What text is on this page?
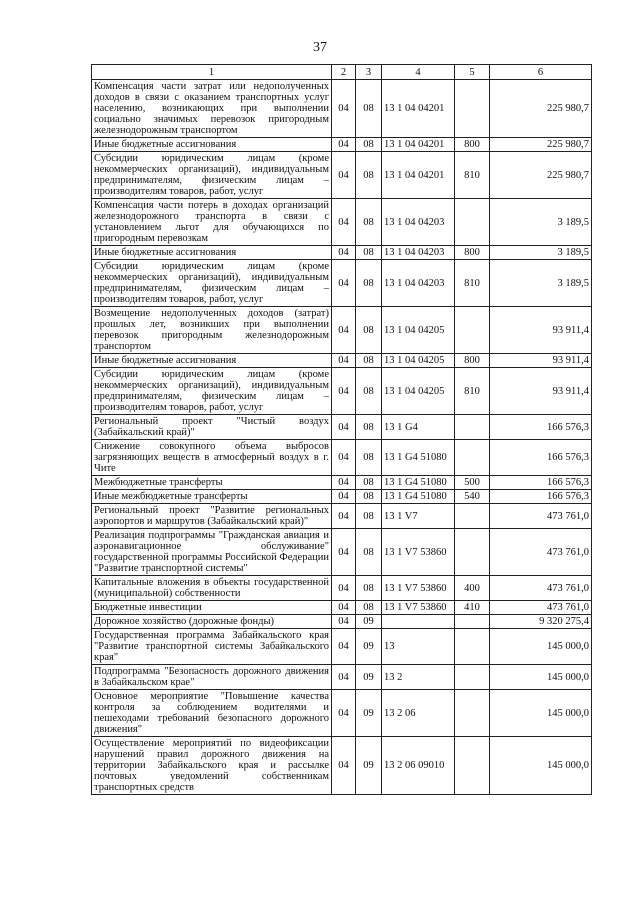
37
1	2	3	4	5	6
Компенсация части затрат или недополученных доходов в связи с оказанием транспортных услуг населению, возникающих при выполнении социально значимых перевозок пригородным железнодорожным транспортом	04	08	13 1 04 04201		225 980,7
Иные бюджетные ассигнования	04	08	13 1 04 04201	800	225 980,7
Субсидии юридическим лицам (кроме некоммерческих организаций), индивидуальным предпринимателям, физическим лицам – производителям товаров, работ, услуг	04	08	13 1 04 04201	810	225 980,7
Компенсация части потерь в доходах организаций железнодорожного транспорта в связи с установлением льгот для обучающихся по пригородным перевозкам	04	08	13 1 04 04203		3 189,5
Иные бюджетные ассигнования	04	08	13 1 04 04203	800	3 189,5
Субсидии юридическим лицам (кроме некоммерческих организаций), индивидуальным предпринимателям, физическим лицам – производителям товаров, работ, услуг	04	08	13 1 04 04203	810	3 189,5
Возмещение недополученных доходов (затрат) прошлых лет, возникших при выполнении перевозок пригородным железнодорожным транспортом	04	08	13 1 04 04205		93 911,4
Иные бюджетные ассигнования	04	08	13 1 04 04205	800	93 911,4
Субсидии юридическим лицам (кроме некоммерческих организаций), индивидуальным предпринимателям, физическим лицам – производителям товаров, работ, услуг	04	08	13 1 04 04205	810	93 911,4
Региональный проект "Чистый воздух (Забайкальский край)"	04	08	13 1 G4		166 576,3
Снижение совокупного объема выбросов загрязняющих веществ в атмосферный воздух в г. Чите	04	08	13 1 G4 51080		166 576,3
Межбюджетные трансферты	04	08	13 1 G4 51080	500	166 576,3
Иные межбюджетные трансферты	04	08	13 1 G4 51080	540	166 576,3
Региональный проект "Развитие региональных аэропортов и маршрутов (Забайкальский край)"	04	08	13 1 V7		473 761,0
Реализация подпрограммы "Гражданская авиация и аэронавигационное обслуживание" государственной программы Российской Федерации "Развитие транспортной системы"	04	08	13 1 V7 53860		473 761,0
Капитальные вложения в объекты государственной (муниципальной) собственности	04	08	13 1 V7 53860	400	473 761,0
Бюджетные инвестиции	04	08	13 1 V7 53860	410	473 761,0
Дорожное хозяйство (дорожные фонды)	04	09			9 320 275,4
Государственная программа Забайкальского края "Развитие транспортной системы Забайкальского края"	04	09	13		145 000,0
Подпрограмма "Безопасность дорожного движения в Забайкальском крае"	04	09	13 2		145 000,0
Основное мероприятие "Повышение качества контроля за соблюдением водителями и пешеходами требований безопасного дорожного движения"	04	09	13 2 06		145 000,0
Осуществление мероприятий по видеофиксации нарушений правил дорожного движения на территории Забайкальского края и рассылке почтовых уведомлений собственникам транспортных средств	04	09	13 2 06 09010		145 000,0
